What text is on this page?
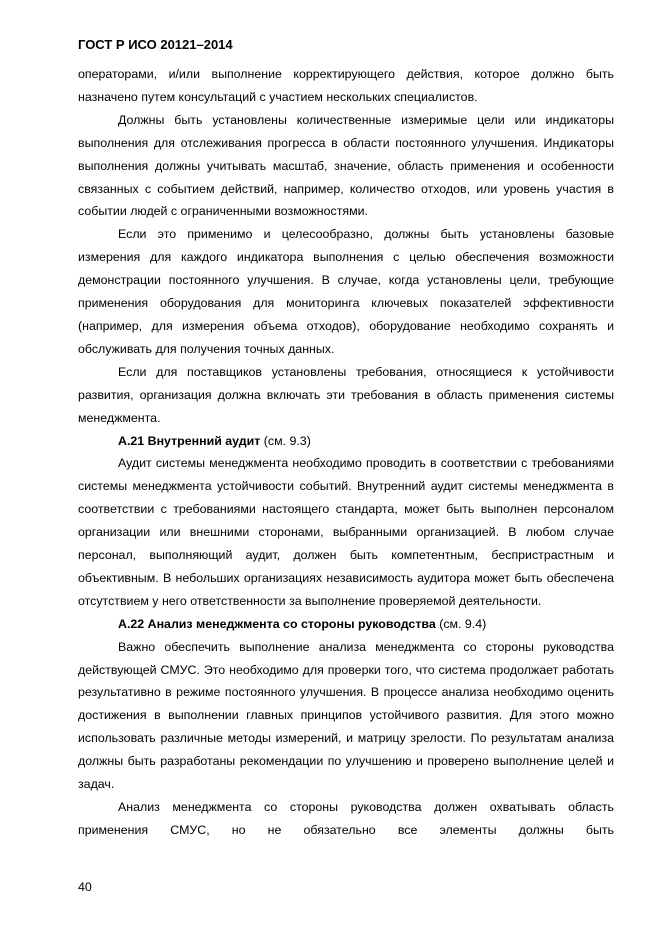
ГОСТ Р ИСО 20121–2014

операторами, и/или выполнение корректирующего действия, которое должно быть назначено путем консультаций с участием нескольких специалистов.

Должны быть установлены количественные измеримые цели или индикаторы выполнения для отслеживания прогресса в области постоянного улучшения. Индикаторы выполнения должны учитывать масштаб, значение, область применения и особенности связанных с событием действий, например, количество отходов, или уровень участия в событии людей с ограниченными возможностями.

Если это применимо и целесообразно, должны быть установлены базовые измерения для каждого индикатора выполнения с целью обеспечения возможности демонстрации постоянного улучшения. В случае, когда установлены цели, требующие применения оборудования для мониторинга ключевых показателей эффективности (например, для измерения объема отходов), оборудование необходимо сохранять и обслуживать для получения точных данных.

Если для поставщиков установлены требования, относящиеся к устойчивости развития, организация должна включать эти требования в область применения системы менеджмента.

А.21 Внутренний аудит (см. 9.3)

Аудит системы менеджмента необходимо проводить в соответствии с требованиями системы менеджмента устойчивости событий. Внутренний аудит системы менеджмента в соответствии с требованиями настоящего стандарта, может быть выполнен персоналом организации или внешними сторонами, выбранными организацией. В любом случае персонал, выполняющий аудит, должен быть компетентным, беспристрастным и объективным. В небольших организациях независимость аудитора может быть обеспечена отсутствием у него ответственности за выполнение проверяемой деятельности.

А.22 Анализ менеджмента со стороны руководства (см. 9.4)

Важно обеспечить выполнение анализа менеджмента со стороны руководства действующей СМУС. Это необходимо для проверки того, что система продолжает работать результативно в режиме постоянного улучшения. В процессе анализа необходимо оценить достижения в выполнении главных принципов устойчивого развития. Для этого можно использовать различные методы измерений, и матрицу зрелости. По результатам анализа должны быть разработаны рекомендации по улучшению и проверено выполнение целей и задач.

Анализ менеджмента со стороны руководства должен охватывать область применения СМУС, но не обязательно все элементы должны быть

40
